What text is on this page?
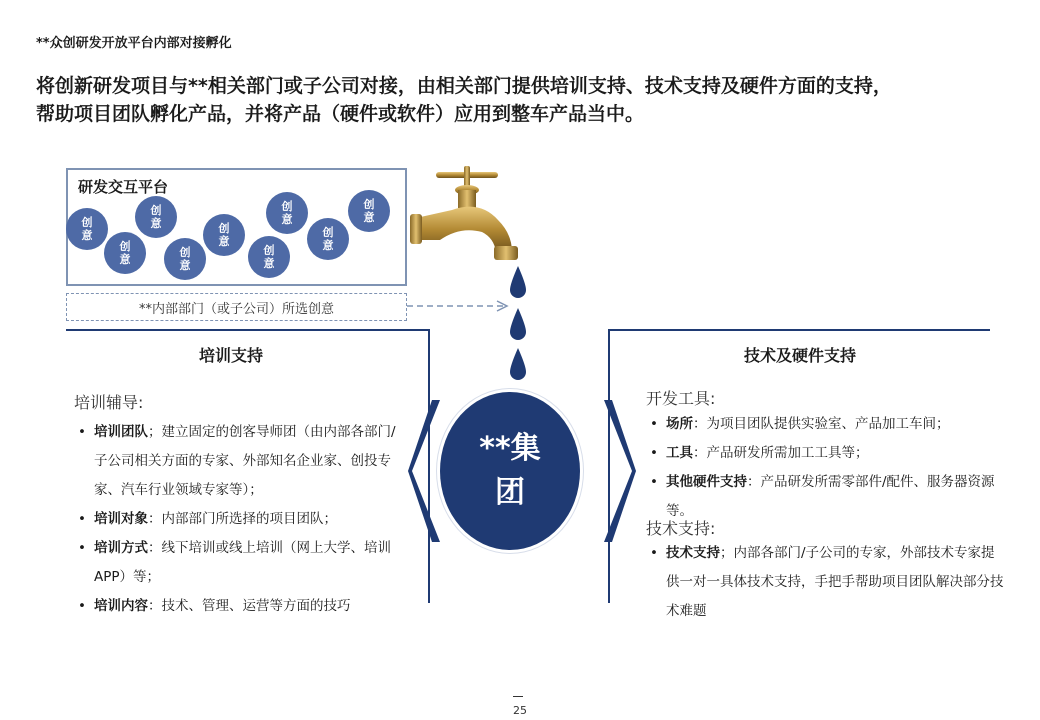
**众创研发开放平台内部对接孵化
将创新研发项目与**相关部门或子公司对接，由相关部门提供培训支持、技术支持及硬件方面的支持，
帮助项目团队孵化产品，并将产品（硬件或软件）应用到整车产品当中。
研发交互平台
创
意
创
意
创
意
创
意
创
意
创
意
创
意
创
意
创
意
**内部部门（或子公司）所选创意
培训支持
培训辅导:
• 培训团队；建立固定的创客导师团（由内部各部门/子公司相关方面的专家、外部知名企业家、创投专家、汽车行业领域专家等）；
• 培训对象：内部部门所选择的项目团队；
• 培训方式：线下培训或线上培训（网上大学、培训APP）等；
• 培训内容：技术、管理、运营等方面的技巧
技术及硬件支持
开发工具:
• 场所：为项目团队提供实验室、产品加工车间；
• 工具：产品研发所需加工工具等；
• 其他硬件支持：产品研发所需零部件/配件、服务器资源等。
技术支持:
• 技术支持；内部各部门/子公司的专家，外部技术专家提供一对一具体技术支持，手把手帮助项目团队解决部分技术难题
**集团
25
